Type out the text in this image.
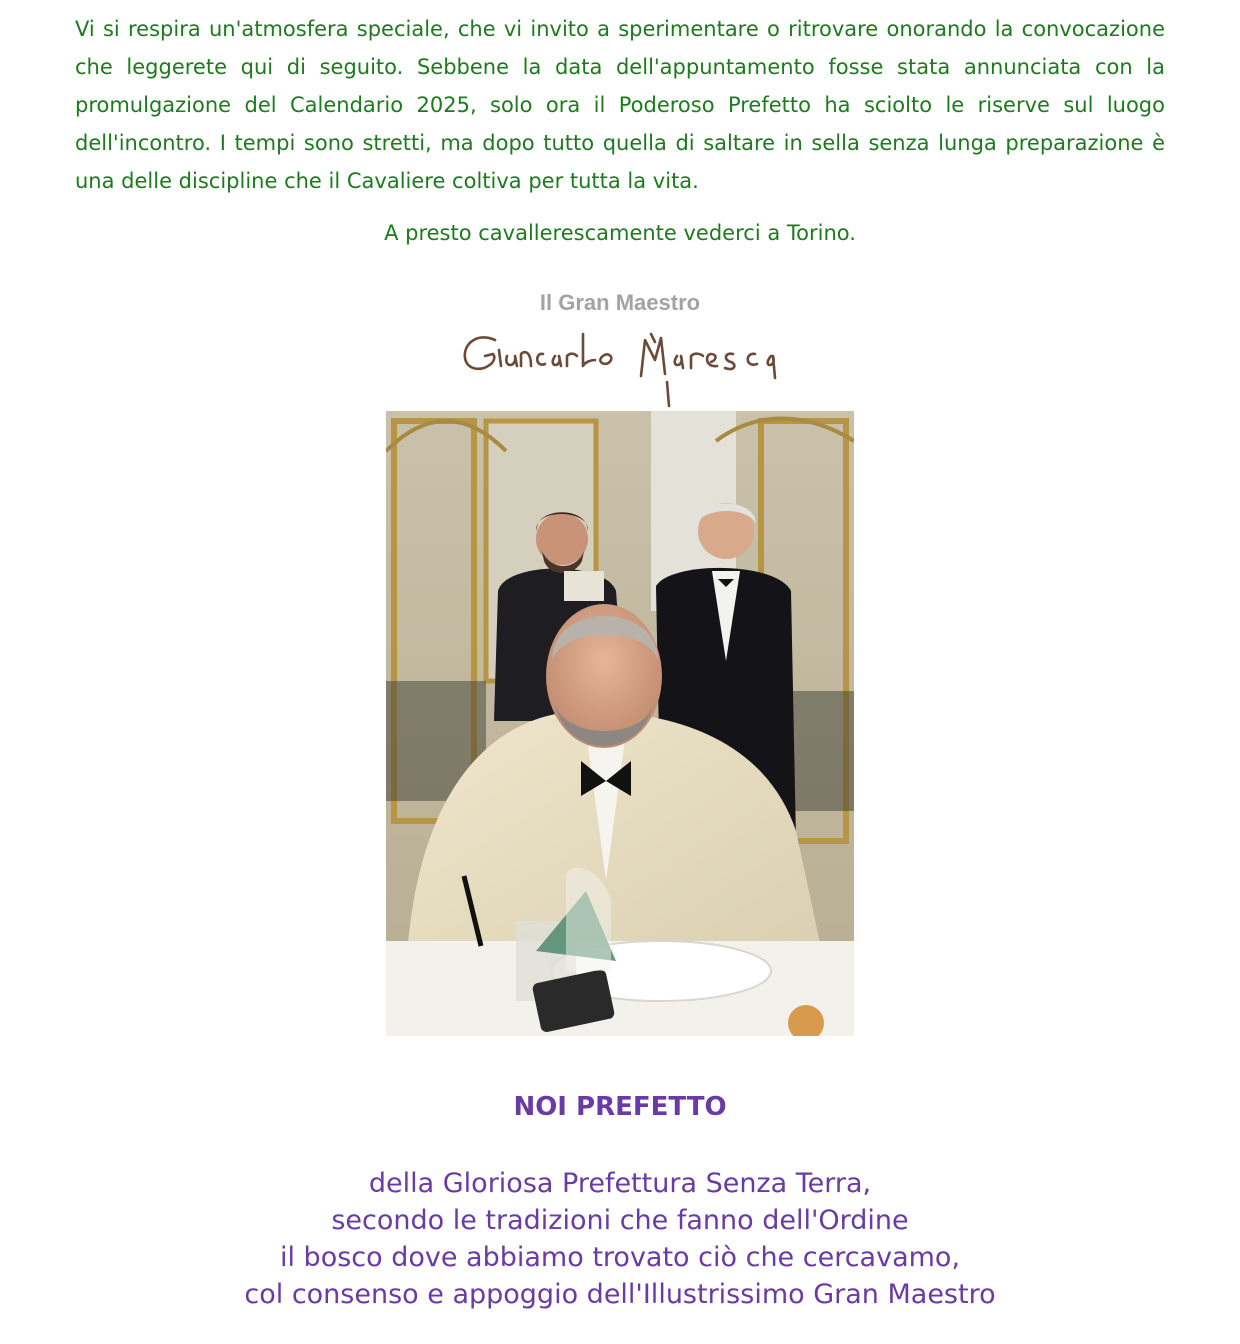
Vi si respira un'atmosfera speciale, che vi invito a sperimentare o ritrovare onorando la convocazione che leggerete qui di seguito. Sebbene la data dell'appuntamento fosse stata annunciata con la promulgazione del Calendario 2025, solo ora il Poderoso Prefetto ha sciolto le riserve sul luogo dell'incontro. I tempi sono stretti, ma dopo tutto quella di saltare in sella senza lunga preparazione è una delle discipline che il Cavaliere coltiva per tutta la vita.

A presto cavallerescamente vederci a Torino.

Il Gran Maestro

NOI PREFETTO

della Gloriosa Prefettura Senza Terra,
secondo le tradizioni che fanno dell'Ordine
il bosco dove abbiamo trovato ciò che cercavamo,
col consenso e appoggio dell'Illustrissimo Gran Maestro
